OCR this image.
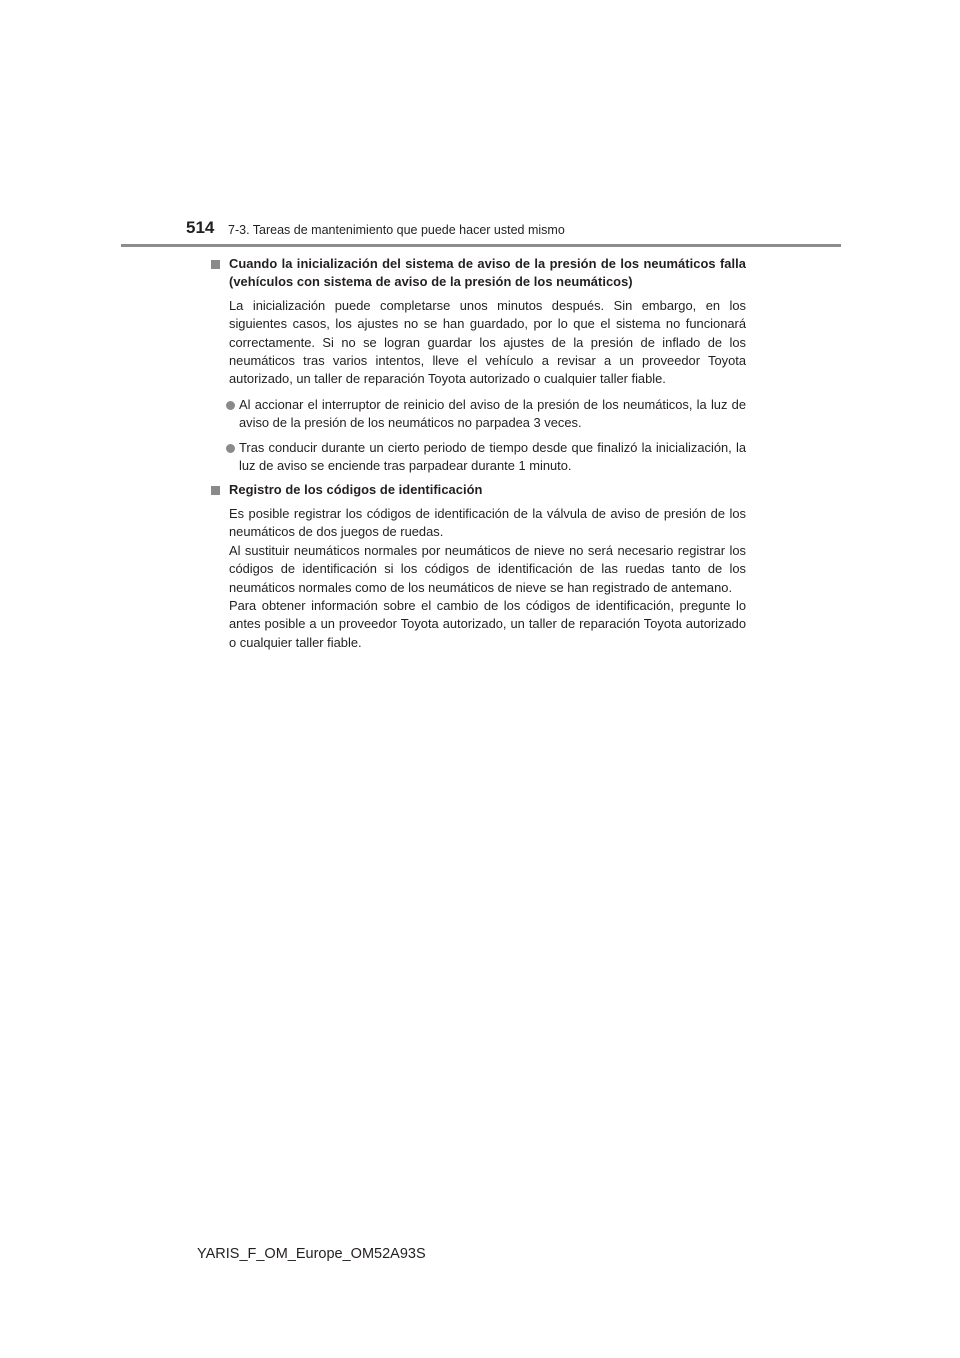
514 7-3. Tareas de mantenimiento que puede hacer usted mismo
Cuando la inicialización del sistema de aviso de la presión de los neumáticos falla (vehículos con sistema de aviso de la presión de los neumáticos)
La inicialización puede completarse unos minutos después. Sin embargo, en los siguientes casos, los ajustes no se han guardado, por lo que el sistema no funcionará correctamente. Si no se logran guardar los ajustes de la presión de inflado de los neumáticos tras varios intentos, lleve el vehículo a revisar a un proveedor Toyota autorizado, un taller de reparación Toyota autorizado o cualquier taller fiable.
Al accionar el interruptor de reinicio del aviso de la presión de los neumáticos, la luz de aviso de la presión de los neumáticos no parpadea 3 veces.
Tras conducir durante un cierto periodo de tiempo desde que finalizó la inicialización, la luz de aviso se enciende tras parpadear durante 1 minuto.
Registro de los códigos de identificación
Es posible registrar los códigos de identificación de la válvula de aviso de presión de los neumáticos de dos juegos de ruedas.
Al sustituir neumáticos normales por neumáticos de nieve no será necesario registrar los códigos de identificación si los códigos de identificación de las ruedas tanto de los neumáticos normales como de los neumáticos de nieve se han registrado de antemano.
Para obtener información sobre el cambio de los códigos de identificación, pregunte lo antes posible a un proveedor Toyota autorizado, un taller de reparación Toyota autorizado o cualquier taller fiable.
YARIS_F_OM_Europe_OM52A93S
